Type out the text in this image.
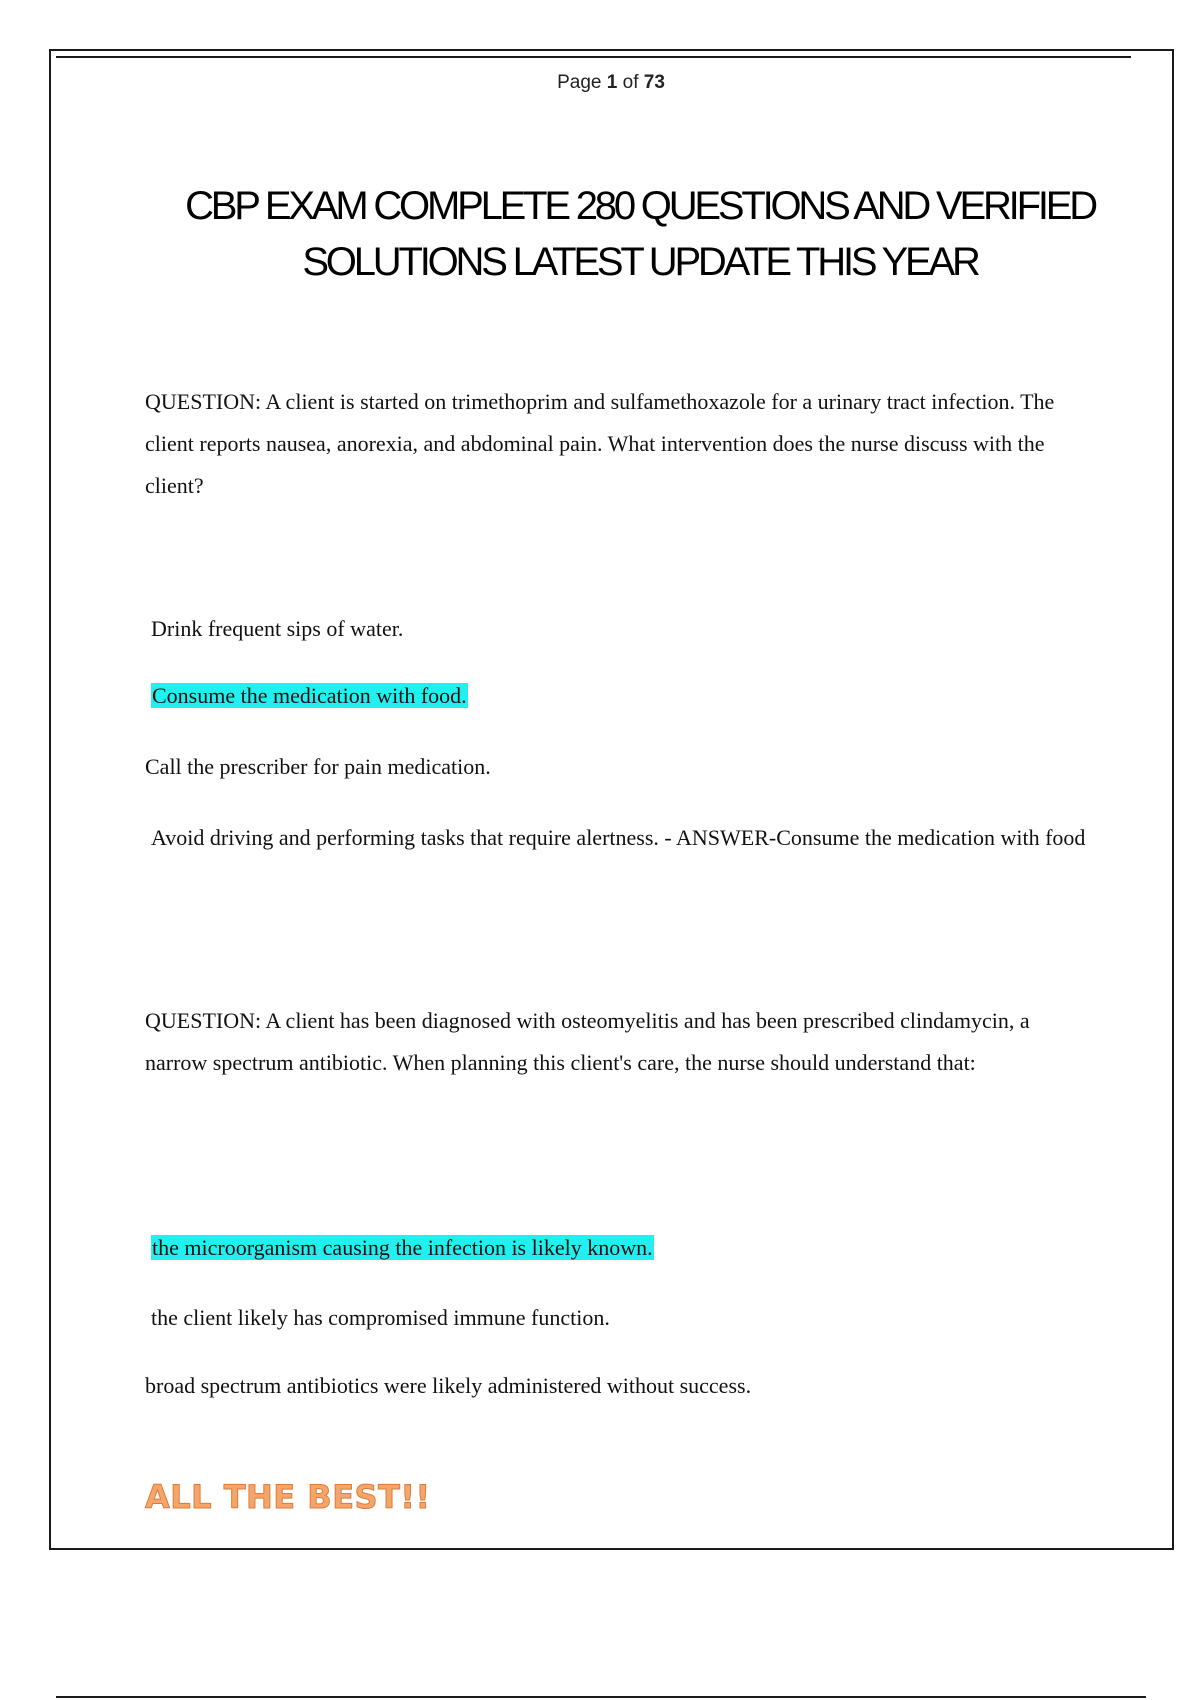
Page 1 of 73
CBP EXAM COMPLETE 280 QUESTIONS AND VERIFIED
SOLUTIONS LATEST UPDATE THIS YEAR

QUESTION: A client is started on trimethoprim and sulfamethoxazole for a urinary tract infection. The client reports nausea, anorexia, and abdominal pain. What intervention does the nurse discuss with the client?

Drink frequent sips of water.
Consume the medication with food.
Call the prescriber for pain medication.
Avoid driving and performing tasks that require alertness. - ANSWER-Consume the medication with food

QUESTION: A client has been diagnosed with osteomyelitis and has been prescribed clindamycin, a narrow spectrum antibiotic. When planning this client's care, the nurse should understand that:

the microorganism causing the infection is likely known.
the client likely has compromised immune function.
broad spectrum antibiotics were likely administered without success.
ALL THE BEST!!
